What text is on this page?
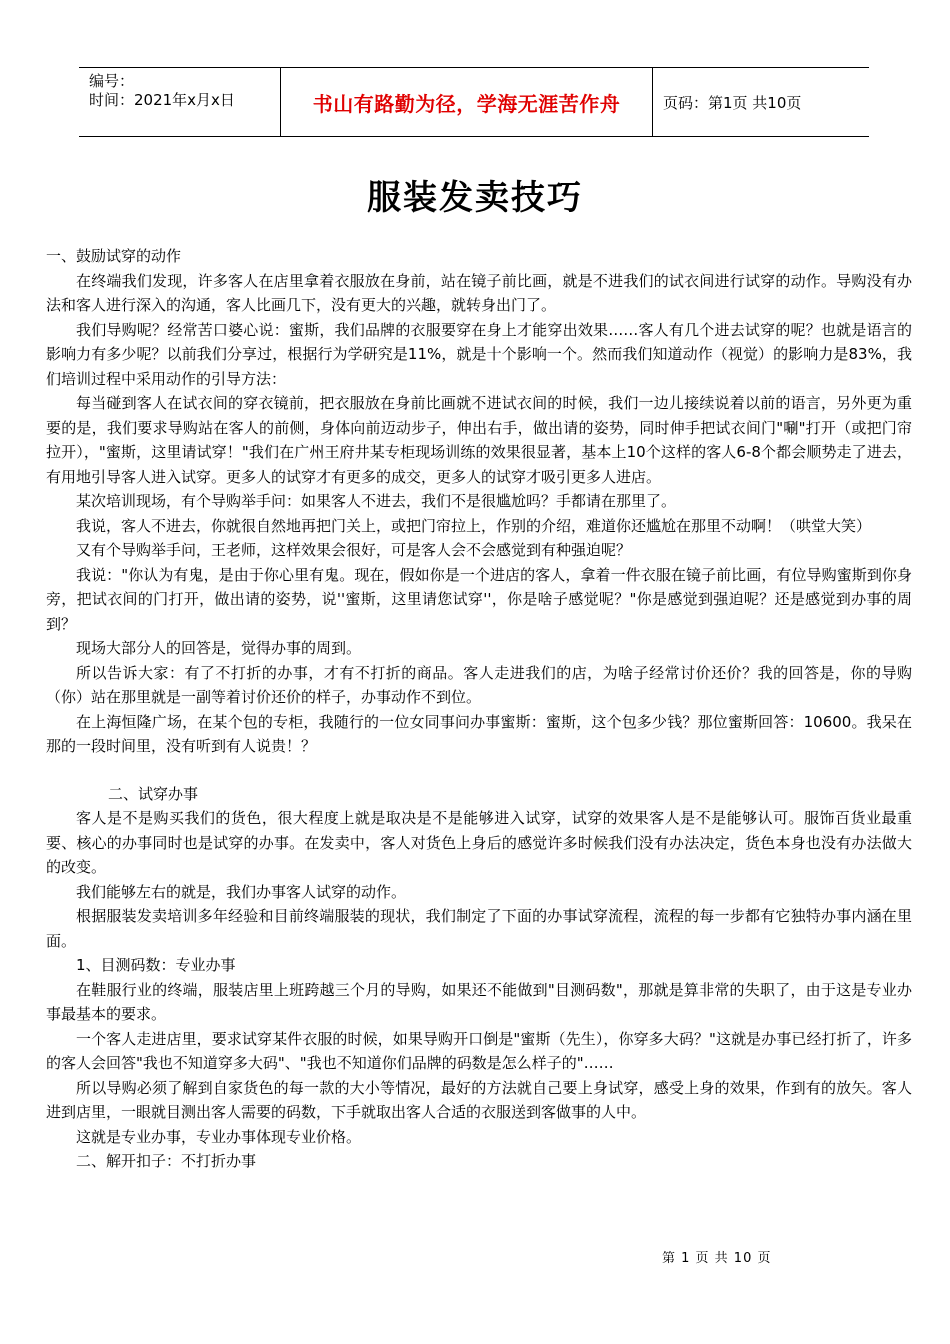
编号：
时间：2021年x月x日	书山有路勤为径，学海无涯苦作舟	页码：第1页 共10页
服装发卖技巧

一、鼓励试穿的动作

在终端我们发现，许多客人在店里拿着衣服放在身前，站在镜子前比画，就是不进我们的试衣间进行试穿的动作。导购没有办法和客人进行深入的沟通，客人比画几下，没有更大的兴趣，就转身出门了。

我们导购呢？经常苦口婆心说：蜜斯，我们品牌的衣服要穿在身上才能穿出效果……客人有几个进去试穿的呢？也就是语言的影响力有多少呢？以前我们分享过，根据行为学研究是11%，就是十个影响一个。然而我们知道动作（视觉）的影响力是83%，我们培训过程中采用动作的引导方法：

每当碰到客人在试衣间的穿衣镜前，把衣服放在身前比画就不进试衣间的时候，我们一边儿接续说着以前的语言，另外更为重要的是，我们要求导购站在客人的前侧，身体向前迈动步子，伸出右手，做出请的姿势，同时伸手把试衣间门"唰"打开（或把门帘拉开），"蜜斯，这里请试穿！"我们在广州王府井某专柜现场训练的效果很显著，基本上10个这样的客人6-8个都会顺势走了进去，有用地引导客人进入试穿。更多人的试穿才有更多的成交，更多人的试穿才吸引更多人进店。

某次培训现场，有个导购举手问：如果客人不进去，我们不是很尴尬吗？手都请在那里了。

我说，客人不进去，你就很自然地再把门关上，或把门帘拉上，作别的介绍，难道你还尴尬在那里不动啊！（哄堂大笑）

又有个导购举手问，王老师，这样效果会很好，可是客人会不会感觉到有种强迫呢？

我说："你认为有鬼，是由于你心里有鬼。现在，假如你是一个进店的客人，拿着一件衣服在镜子前比画，有位导购蜜斯到你身旁，把试衣间的门打开，做出请的姿势，说''蜜斯，这里请您试穿''，你是啥子感觉呢？"你是感觉到强迫呢？还是感觉到办事的周到？

现场大部分人的回答是，觉得办事的周到。

所以告诉大家：有了不打折的办事，才有不打折的商品。客人走进我们的店，为啥子经常讨价还价？我的回答是，你的导购（你）站在那里就是一副等着讨价还价的样子，办事动作不到位。

在上海恒隆广场，在某个包的专柜，我随行的一位女同事问办事蜜斯：蜜斯，这个包多少钱？那位蜜斯回答：10600。我呆在那的一段时间里，没有听到有人说贵！？

二、试穿办事

客人是不是购买我们的货色，很大程度上就是取决是不是能够进入试穿，试穿的效果客人是不是能够认可。服饰百货业最重要、核心的办事同时也是试穿的办事。在发卖中，客人对货色上身后的感觉许多时候我们没有办法决定，货色本身也没有办法做大的改变。

我们能够左右的就是，我们办事客人试穿的动作。

根据服装发卖培训多年经验和目前终端服装的现状，我们制定了下面的办事试穿流程，流程的每一步都有它独特办事内涵在里面。

1、目测码数：专业办事

在鞋服行业的终端，服装店里上班跨越三个月的导购，如果还不能做到"目测码数"，那就是算非常的失职了，由于这是专业办事最基本的要求。

一个客人走进店里，要求试穿某件衣服的时候，如果导购开口倒是"蜜斯（先生），你穿多大码？"这就是办事已经打折了，许多的客人会回答"我也不知道穿多大码"、"我也不知道你们品牌的码数是怎么样子的"……

所以导购必须了解到自家货色的每一款的大小等情况，最好的方法就自己要上身试穿，感受上身的效果，作到有的放矢。客人进到店里，一眼就目测出客人需要的码数，下手就取出客人合适的衣服送到客做事的人中。

这就是专业办事，专业办事体现专业价格。

二、解开扣子：不打折办事

第 1 页 共 10 页
